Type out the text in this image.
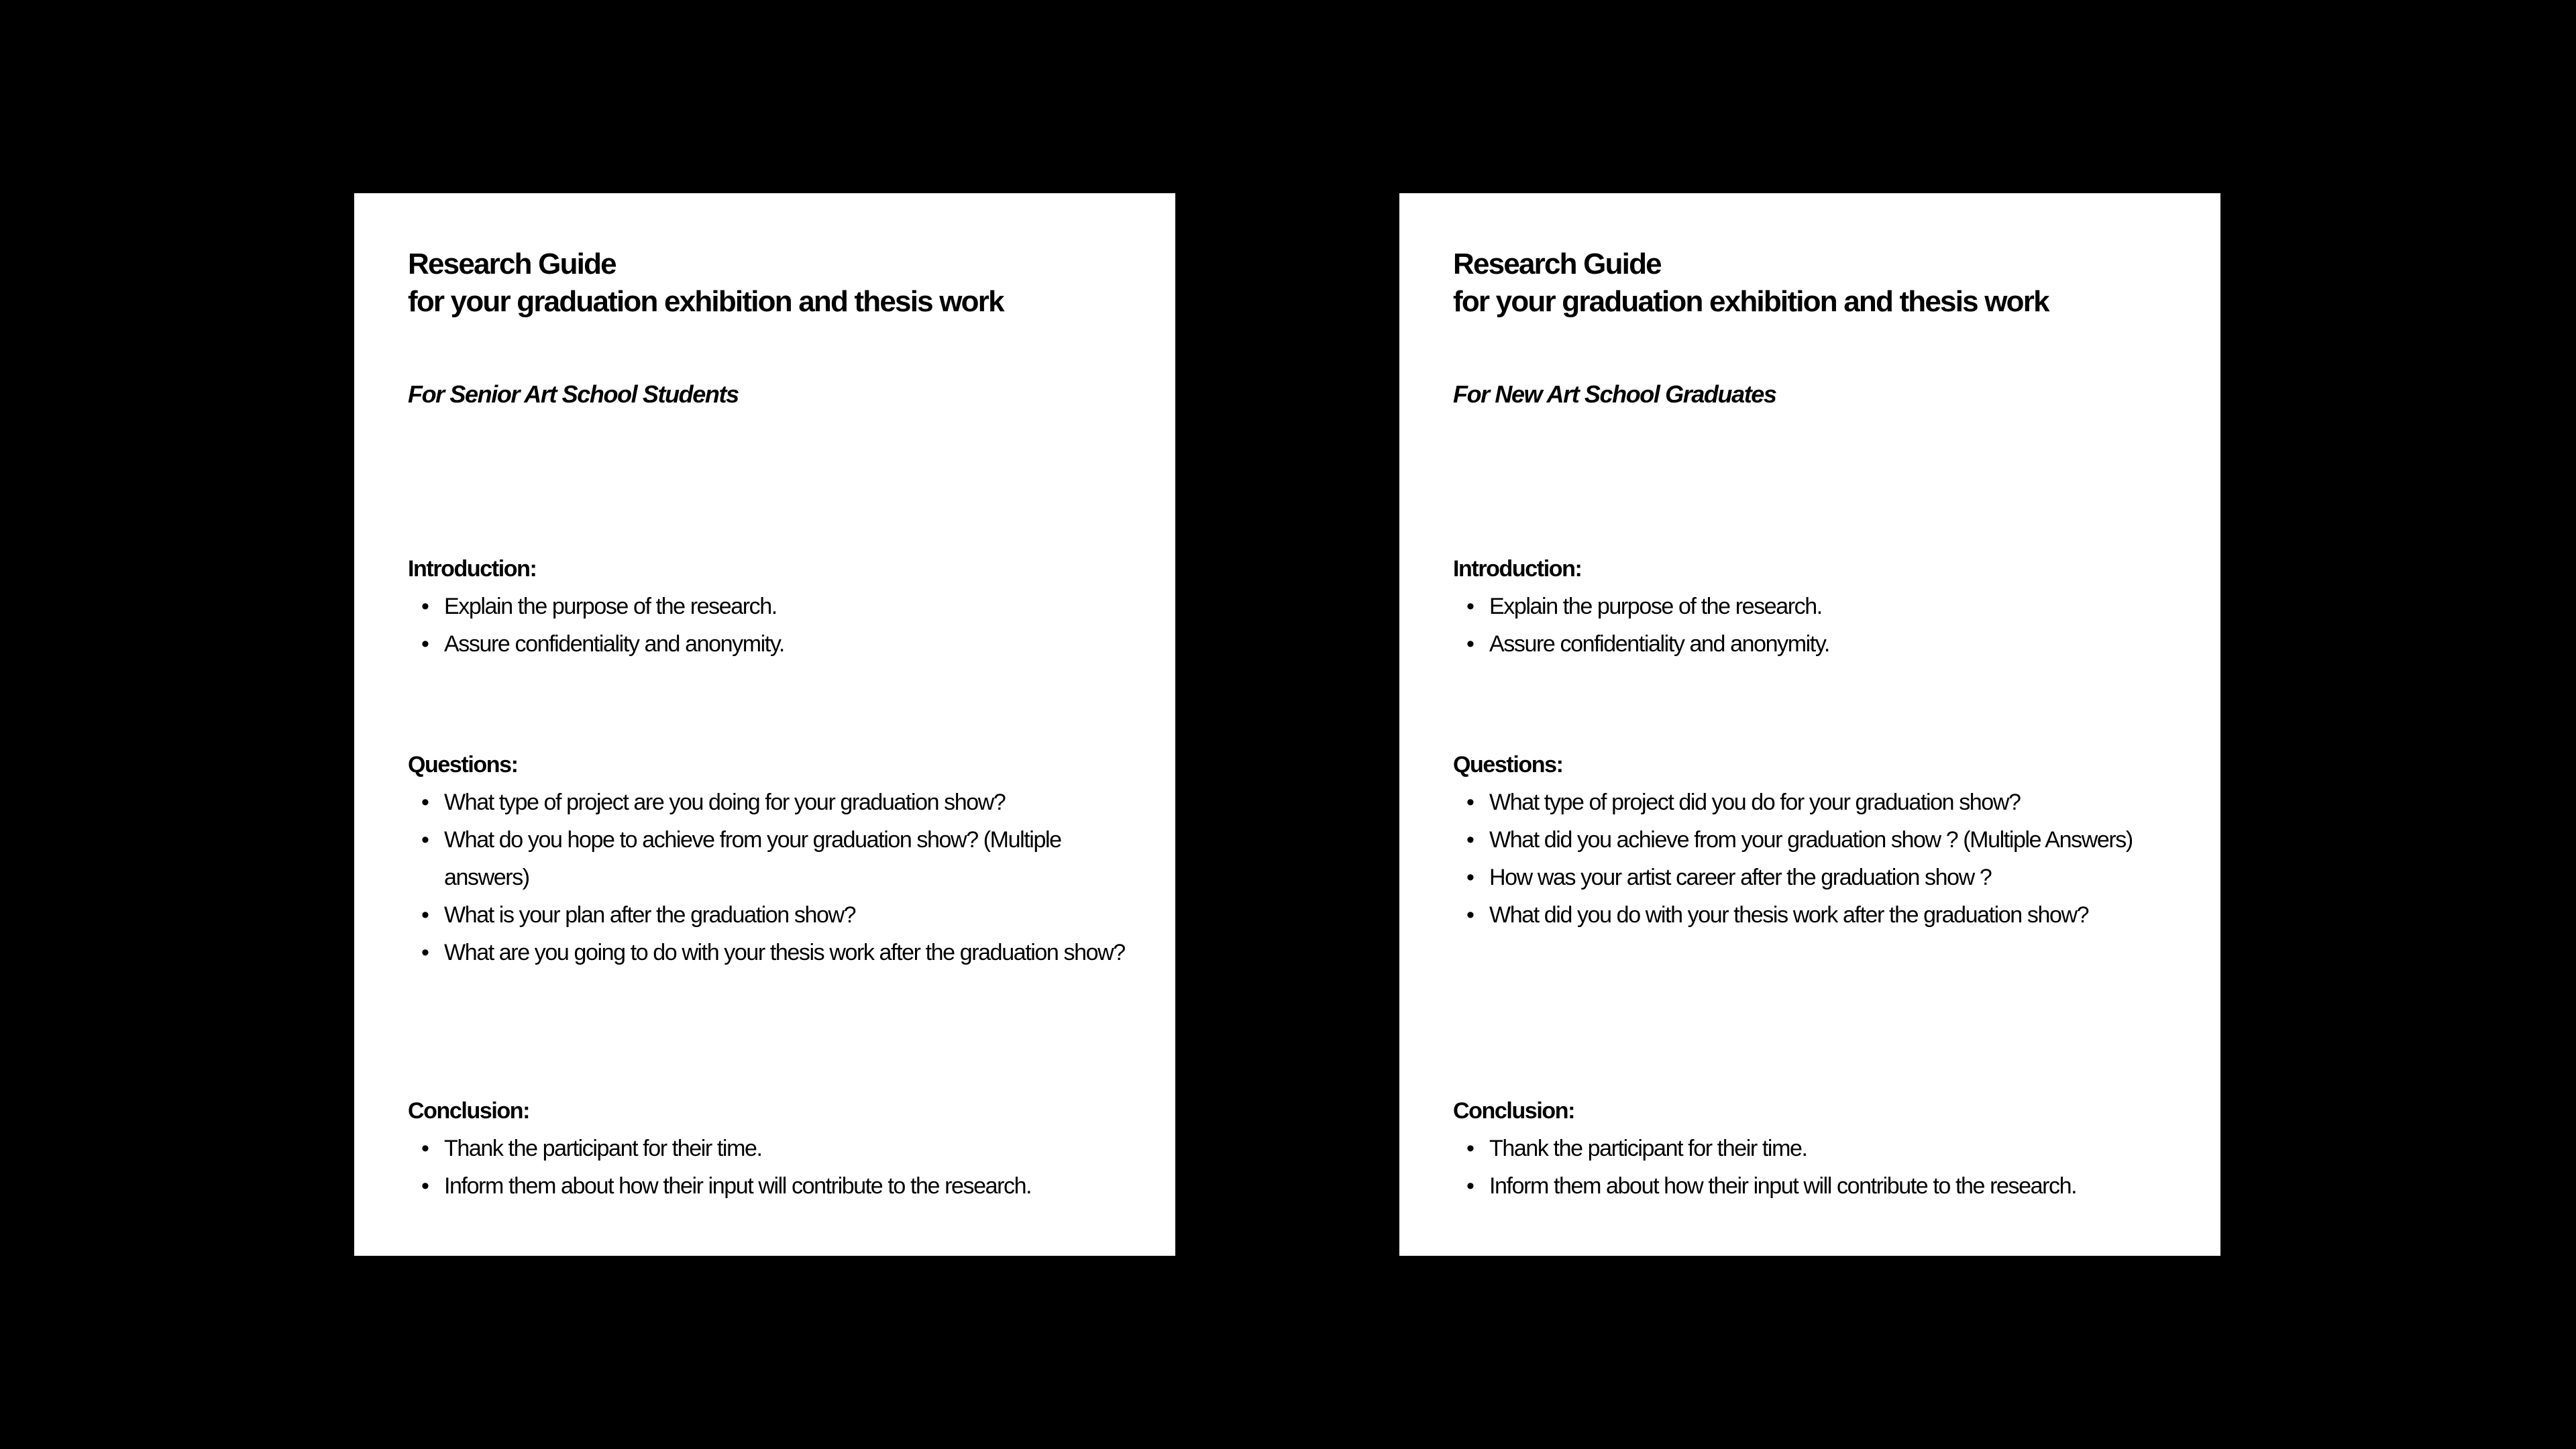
Research Guide
for your graduation exhibition and thesis work
For Senior Art School Students

Introduction:

• Explain the purpose of the research.
• Assure confidentiality and anonymity.

Questions:

• What type of project are you doing for your graduation show?
• What do you hope to achieve from your graduation show? (Multiple answers)
• What is your plan after the graduation show?
• What are you going to do with your thesis work after the graduation show?

Conclusion:

• Thank the participant for their time.
• Inform them about how their input will contribute to the research.
Research Guide
for your graduation exhibition and thesis work
For New Art School Graduates

Introduction:

• Explain the purpose of the research.
• Assure confidentiality and anonymity.

Questions:

• What type of project did you do for your graduation show?
• What did you achieve from your graduation show ? (Multiple Answers)
• How was your artist career after the graduation show ?
• What did you do with your thesis work after the graduation show?

Conclusion:

• Thank the participant for their time.
• Inform them about how their input will contribute to the research.
